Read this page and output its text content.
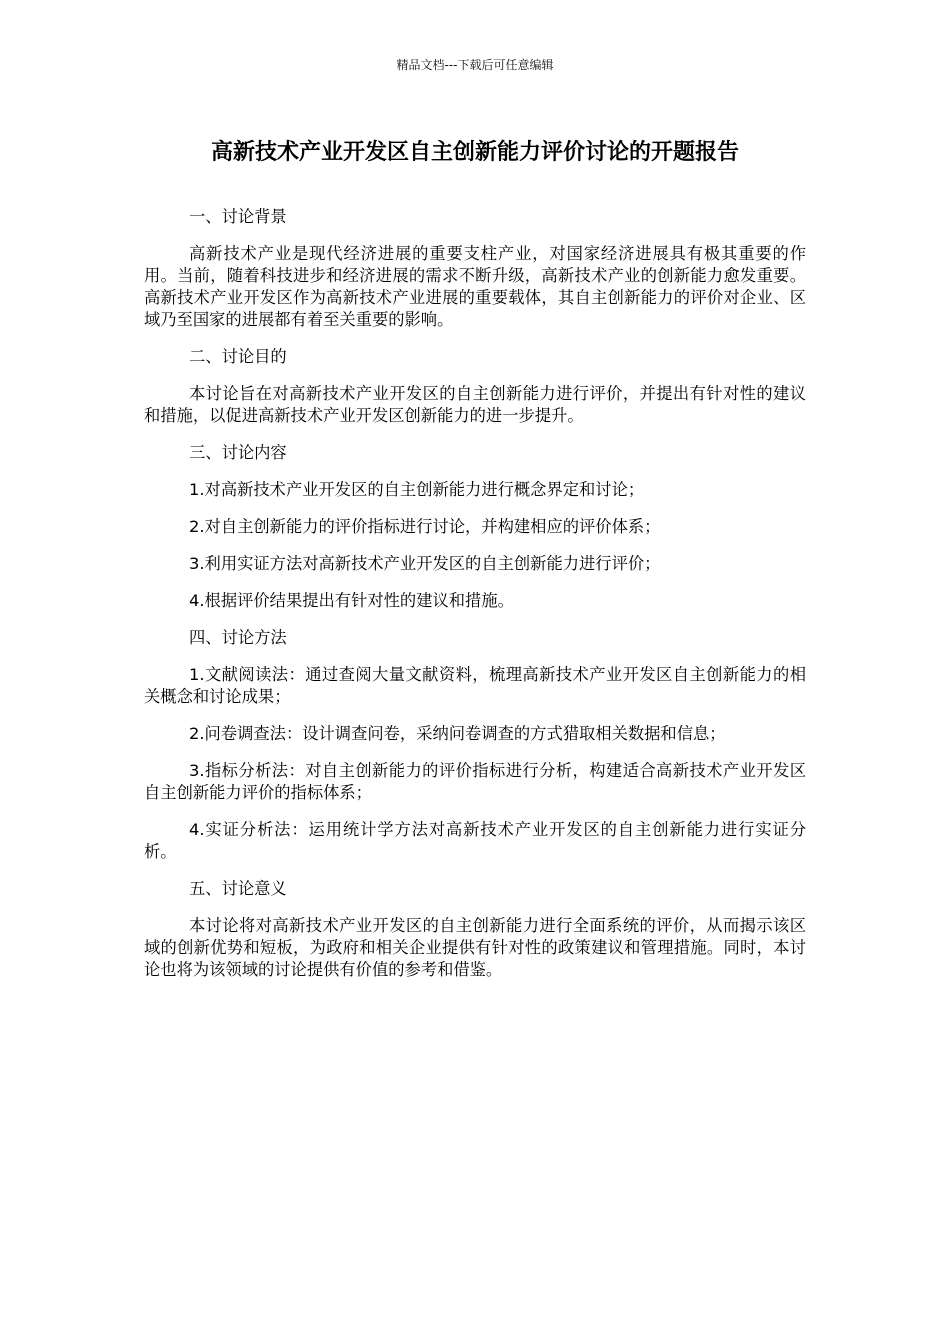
精品文档---下载后可任意编辑
高新技术产业开发区自主创新能力评价讨论的开题报告

一、讨论背景

高新技术产业是现代经济进展的重要支柱产业，对国家经济进展具有极其重要的作用。当前，随着科技进步和经济进展的需求不断升级，高新技术产业的创新能力愈发重要。高新技术产业开发区作为高新技术产业进展的重要载体，其自主创新能力的评价对企业、区域乃至国家的进展都有着至关重要的影响。

二、讨论目的

本讨论旨在对高新技术产业开发区的自主创新能力进行评价，并提出有针对性的建议和措施，以促进高新技术产业开发区创新能力的进一步提升。

三、讨论内容

1.对高新技术产业开发区的自主创新能力进行概念界定和讨论；

2.对自主创新能力的评价指标进行讨论，并构建相应的评价体系；

3.利用实证方法对高新技术产业开发区的自主创新能力进行评价；

4.根据评价结果提出有针对性的建议和措施。

四、讨论方法

1.文献阅读法：通过查阅大量文献资料，梳理高新技术产业开发区自主创新能力的相关概念和讨论成果；

2.问卷调查法：设计调查问卷，采纳问卷调查的方式猎取相关数据和信息；

3.指标分析法：对自主创新能力的评价指标进行分析，构建适合高新技术产业开发区自主创新能力评价的指标体系；

4.实证分析法：运用统计学方法对高新技术产业开发区的自主创新能力进行实证分析。

五、讨论意义

本讨论将对高新技术产业开发区的自主创新能力进行全面系统的评价，从而揭示该区域的创新优势和短板，为政府和相关企业提供有针对性的政策建议和管理措施。同时，本讨论也将为该领域的讨论提供有价值的参考和借鉴。
